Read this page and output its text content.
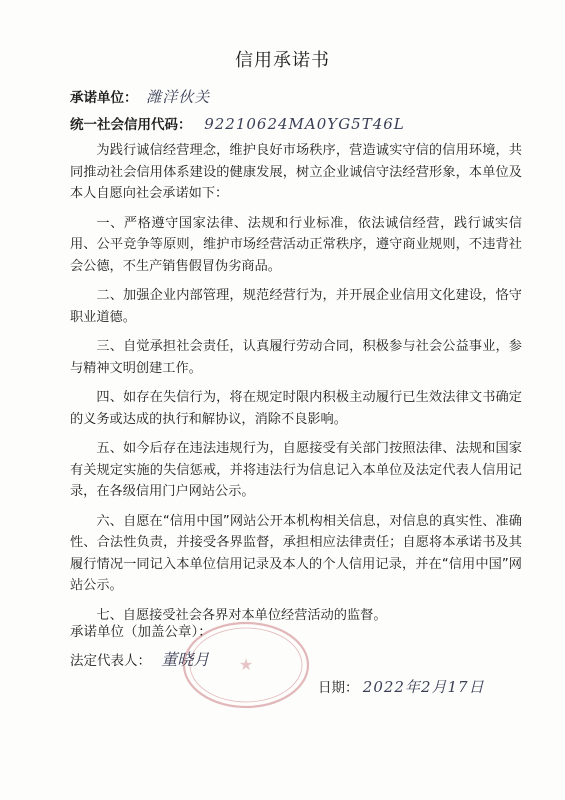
信用承诺书
承诺单位： 潍洋伙关
统一社会信用代码： 92210624MA0YG5T46L

为践行诚信经营理念，维护良好市场秩序，营造诚实守信的信用环境，共同推动社会信用体系建设的健康发展，树立企业诚信守法经营形象，本单位及本人自愿向社会承诺如下：

一、严格遵守国家法律、法规和行业标准，依法诚信经营，践行诚实信用、公平竞争等原则，维护市场经营活动正常秩序，遵守商业规则，不违背社会公德，不生产销售假冒伪劣商品。

二、加强企业内部管理，规范经营行为，并开展企业信用文化建设，恪守职业道德。

三、自觉承担社会责任，认真履行劳动合同，积极参与社会公益事业，参与精神文明创建工作。

四、如存在失信行为，将在规定时限内积极主动履行已生效法律文书确定的义务或达成的执行和解协议，消除不良影响。

五、如今后存在违法违规行为，自愿接受有关部门按照法律、法规和国家有关规定实施的失信惩戒，并将违法行为信息记入本单位及法定代表人信用记录，在各级信用门户网站公示。

六、自愿在“信用中国”网站公开本机构相关信息，对信息的真实性、准确性、合法性负责，并接受各界监督，承担相应法律责任；自愿将本承诺书及其履行情况一同记入本单位信用记录及本人的个人信用记录，并在“信用中国”网站公示。

七、自愿接受社会各界对本单位经营活动的监督。

★
承诺单位（加盖公章）：
法定代表人： 董晓月
日期： 2022年2月17日
